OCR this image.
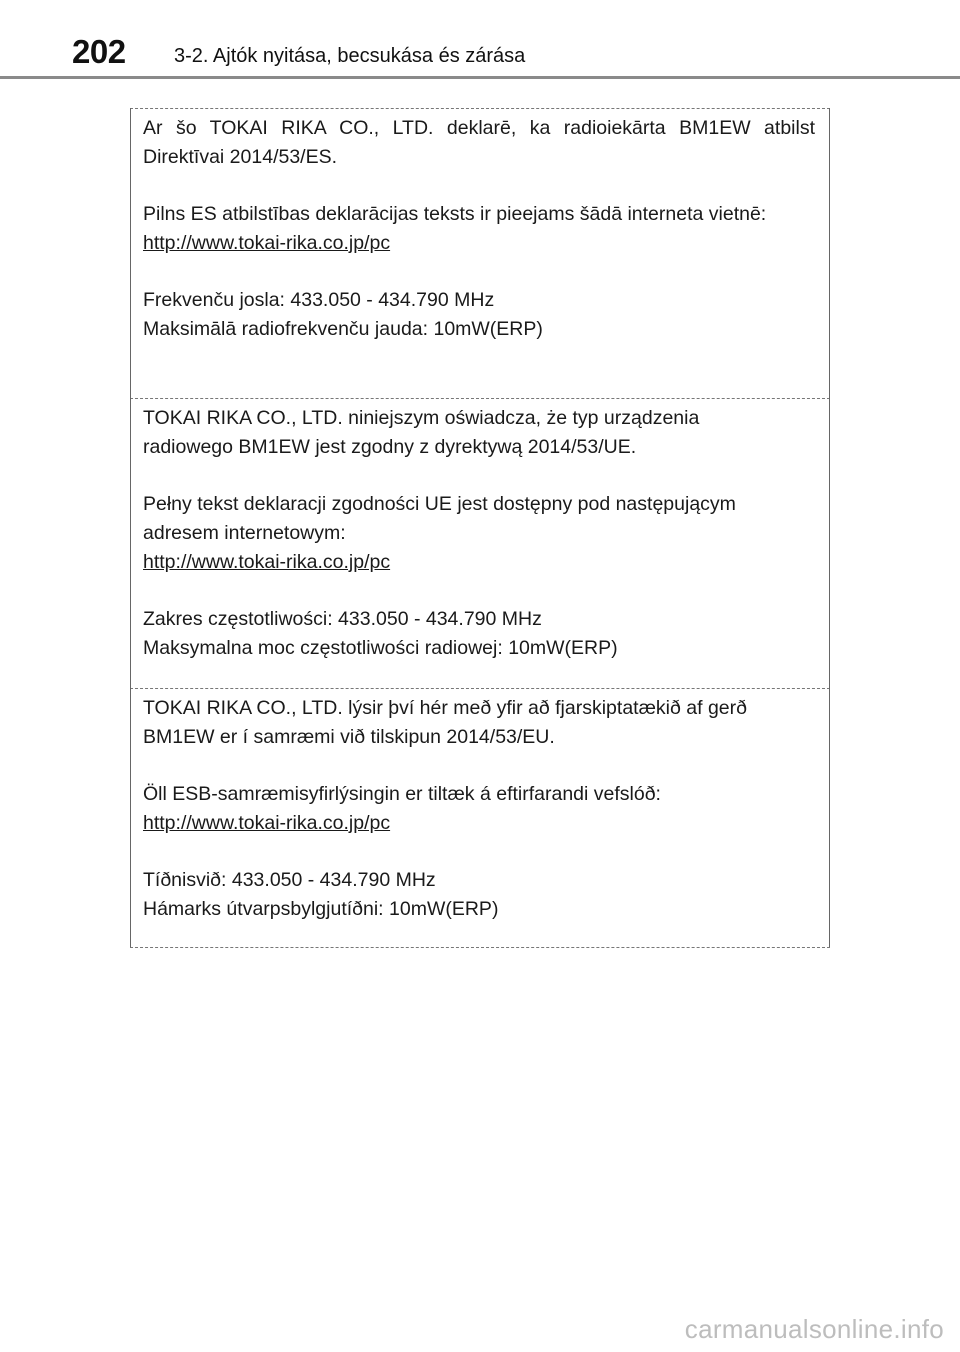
202 3-2. Ajtók nyitása, becsukása és zárása

Ar šo TOKAI RIKA CO., LTD. deklarē, ka radioiekārta BM1EW atbilst Direktīvai 2014/53/ES.

Pilns ES atbilstības deklarācijas teksts ir pieejams šādā interneta vietnē:

http://www.tokai-rika.co.jp/pc

Frekvenču josla: 433.050 - 434.790 MHz

Maksimālā radiofrekvenču jauda: 10mW(ERP)

TOKAI RIKA CO., LTD. niniejszym oświadcza, że typ urządzenia

radiowego BM1EW jest zgodny z dyrektywą 2014/53/UE.

Pełny tekst deklaracji zgodności UE jest dostępny pod następującym

adresem internetowym:

http://www.tokai-rika.co.jp/pc

Zakres częstotliwości: 433.050 - 434.790 MHz

Maksymalna moc częstotliwości radiowej: 10mW(ERP)

TOKAI RIKA CO., LTD. lýsir því hér með yfir að fjarskiptatækið af gerð

BM1EW er í samræmi við tilskipun 2014/53/EU.

Öll ESB-samræmisyfirlýsingin er tiltæk á eftirfarandi vefslóð:

http://www.tokai-rika.co.jp/pc

Tíðnisvið: 433.050 - 434.790 MHz

Hámarks útvarpsbylgjutíðni: 10mW(ERP)

carmanualsonline.info
